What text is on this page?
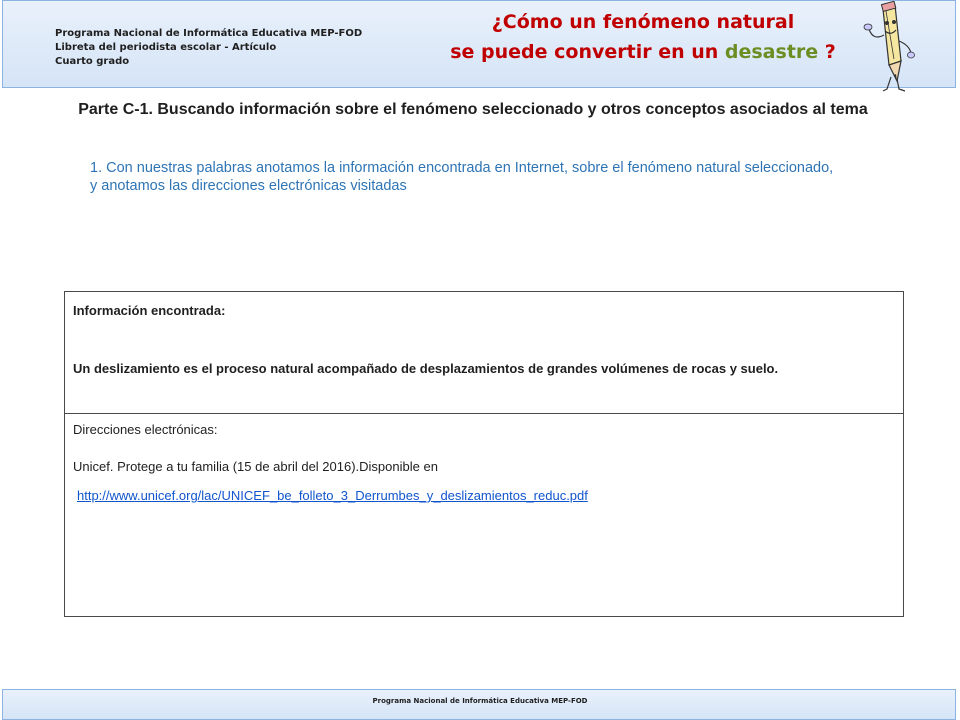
Programa Nacional de Informática Educativa MEP-FOD
Libreta del periodista escolar - Artículo
Cuarto grado
¿Cómo un fenómeno natural
se puede convertir en un desastre ?
Parte C-1. Buscando información sobre el fenómeno seleccionado y otros conceptos asociados al tema

1. Con nuestras palabras anotamos la información encontrada en Internet, sobre el fenómeno natural seleccionado,

y anotamos las direcciones electrónicas visitadas

Información encontrada:
Un deslizamiento es el proceso natural acompañado de desplazamientos de grandes volúmenes de rocas y suelo.
Direcciones electrónicas:
Unicef. Protege a tu familia (15 de abril del 2016).Disponible en
http://www.unicef.org/lac/UNICEF_be_folleto_3_Derrumbes_y_deslizamientos_reduc.pdf
Programa Nacional de Informática Educativa MEP-FOD
